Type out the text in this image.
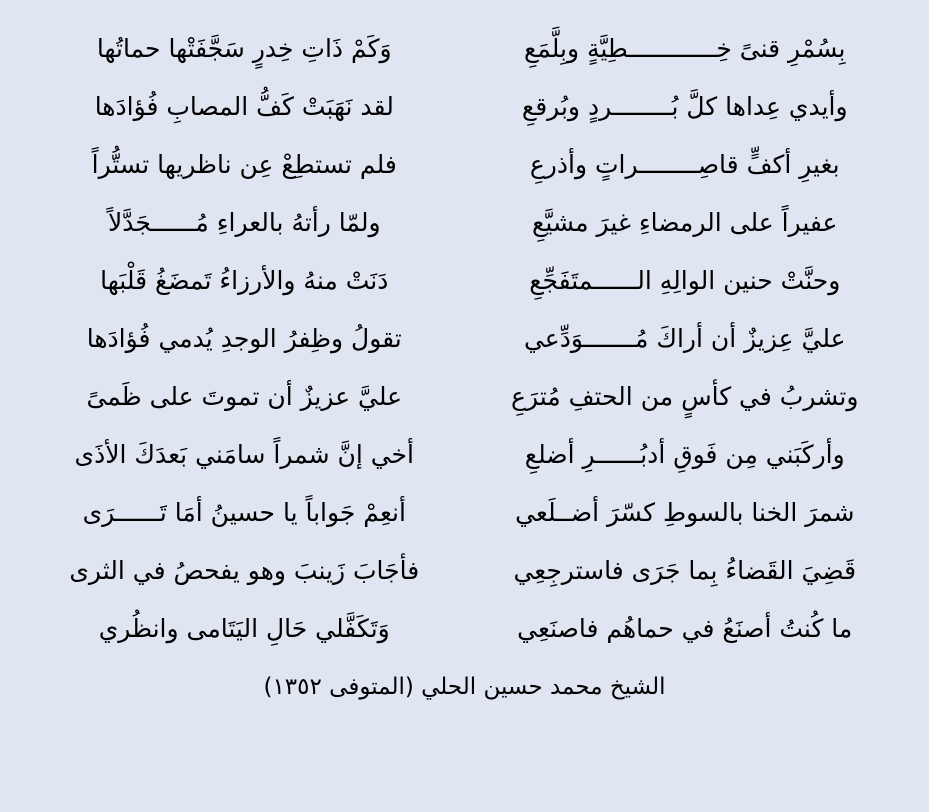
بِسُمْرِ قنىً خِــــــــــــطِيَّةٍ وبِلَّمَعِ
وَكَمْ ذَاتِ خِدرٍ سَجَّفَتْها حماتُها
وأيدي عِداها كلَّ بُــــــــردٍ وبُرقعِ
لقد نَهَبَتْ كَفُّ المصابِ فُؤادَها
بغيرِ أكفٍّ قاصِــــــــراتٍ وأذرعِ
فلم تستطِعْ عِن ناظريها تستُّراً
عفيراً على الرمضاءِ غيرَ مشيَّعِ
ولمّا رأتهُ بالعراءِ مُــــــجَدَّلاً
وحنَّتْ حنين الوالِهِ الــــــمتَفَجِّعِ
دَنَتْ منهُ والأرزاءُ تَمضَغُ قَلْبَها
عليَّ عِزيزٌ أن أراكَ مُـــــــوَدِّعي
تقولُ وظِفرُ الوجدِ يُدمي فُؤادَها
وتشربُ في كأسٍ من الحتفِ مُترَعِ
عليَّ عزيزٌ أن تموتَ على ظَمىً
وأركَبَني مِن فَوقِ أدبُــــــرِ أضلعِ
أخي إنَّ شمراً سامَني بَعدَكَ الأذَى
شمرَ الخنا بالسوطِ كسّرَ أضــلَعي
أنعِمْ جَواباً يا حسينُ أمَا تَــــــرَى
قَضِيَ القَضاءُ بِما جَرَى فاسترجِعِي
فأجَابَ زَينبَ وهو يفحصُ في الثرى
ما كُنتُ أصنَعُ في حماهُم فاصنَعِي
وَتَكَفَّلي حَالِ اليَتَامى وانظُري
الشيخ محمد حسين الحلي (المتوفى ١٣٥٢)
